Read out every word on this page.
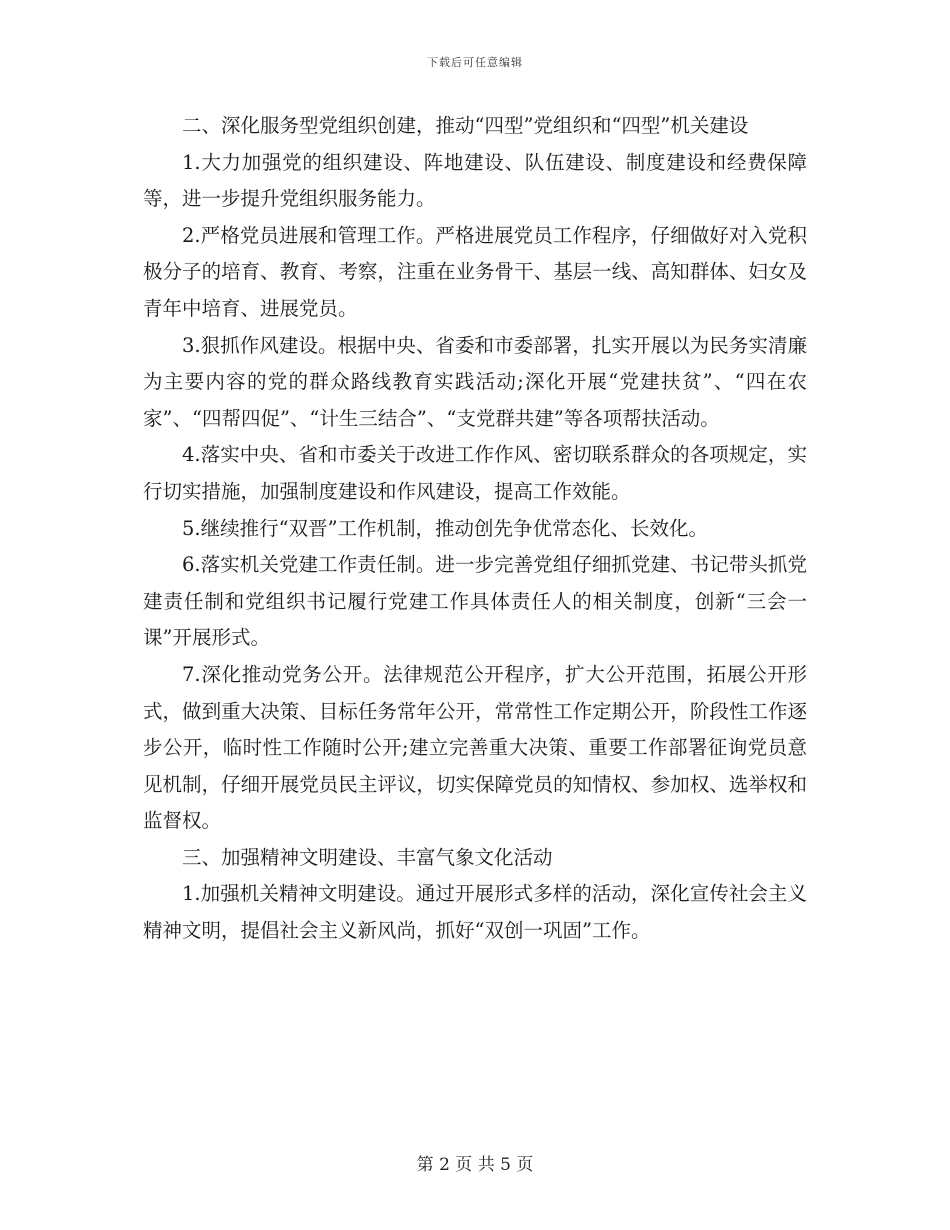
下载后可任意编辑

二、深化服务型党组织创建，推动“四型”党组织和“四型”机关建设

1.大力加强党的组织建设、阵地建设、队伍建设、制度建设和经费保障等，进一步提升党组织服务能力。

2.严格党员进展和管理工作。严格进展党员工作程序，仔细做好对入党积极分子的培育、教育、考察，注重在业务骨干、基层一线、高知群体、妇女及青年中培育、进展党员。

3.狠抓作风建设。根据中央、省委和市委部署，扎实开展以为民务实清廉为主要内容的党的群众路线教育实践活动;深化开展“党建扶贫”、“四在农家”、“四帮四促”、“计生三结合”、“支党群共建”等各项帮扶活动。

4.落实中央、省和市委关于改进工作作风、密切联系群众的各项规定，实行切实措施，加强制度建设和作风建设，提高工作效能。

5.继续推行“双晋”工作机制，推动创先争优常态化、长效化。

6.落实机关党建工作责任制。进一步完善党组仔细抓党建、书记带头抓党建责任制和党组织书记履行党建工作具体责任人的相关制度，创新“三会一课”开展形式。

7.深化推动党务公开。法律规范公开程序，扩大公开范围，拓展公开形式，做到重大决策、目标任务常年公开，常常性工作定期公开，阶段性工作逐步公开，临时性工作随时公开;建立完善重大决策、重要工作部署征询党员意见机制，仔细开展党员民主评议，切实保障党员的知情权、参加权、选举权和监督权。

三、加强精神文明建设、丰富气象文化活动

1.加强机关精神文明建设。通过开展形式多样的活动，深化宣传社会主义精神文明，提倡社会主义新风尚，抓好“双创一巩固”工作。

第 2 页 共 5 页
